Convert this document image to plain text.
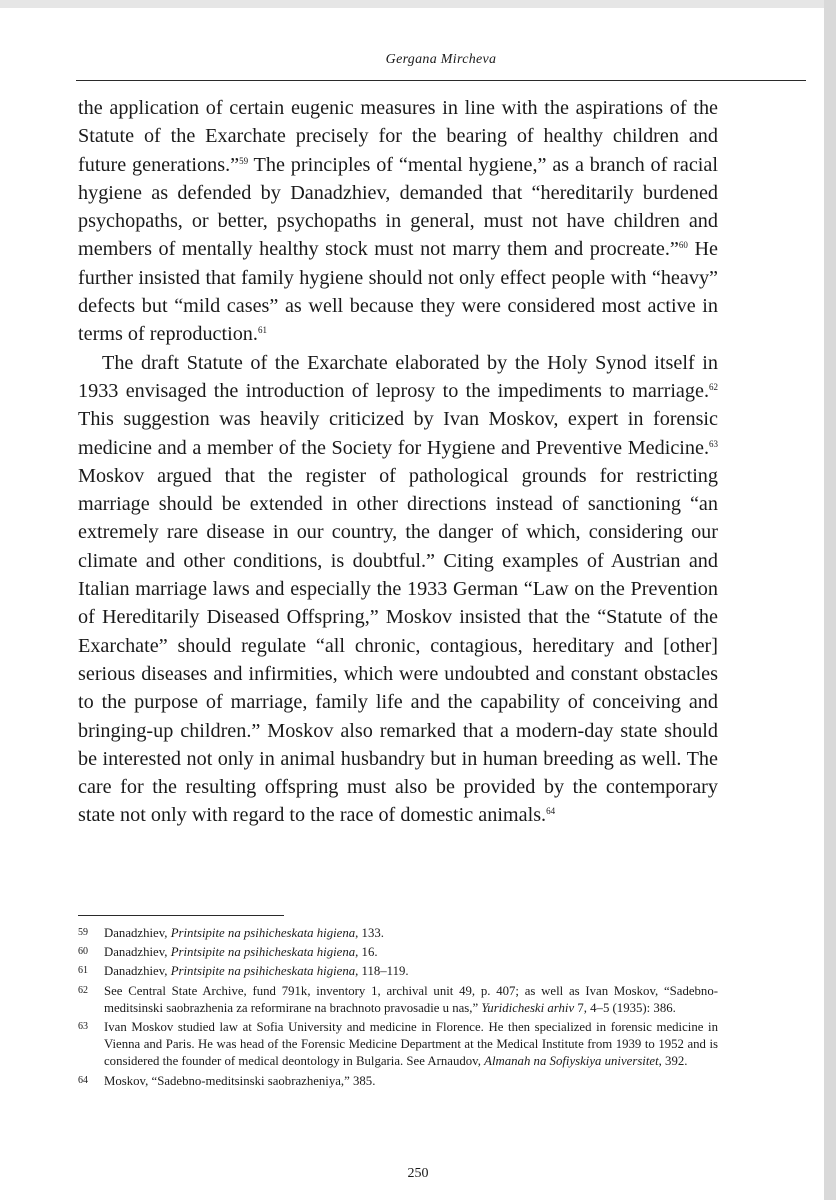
Gergana Mircheva

the application of certain eugenic measures in line with the aspirations of the Statute of the Exarchate precisely for the bearing of healthy children and future generations.”$^{59}$ The principles of “mental hygiene,” as a branch of racial hygiene as defended by Danadzhiev, demanded that “hereditarily burdened psychopaths, or better, psychopaths in general, must not have children and members of mentally healthy stock must not marry them and procreate.”$^{60}$ He further insisted that family hygiene should not only effect people with “heavy” defects but “mild cases” as well because they were considered most active in terms of reproduction.$^{61}$

The draft Statute of the Exarchate elaborated by the Holy Synod itself in 1933 envisaged the introduction of leprosy to the impediments to marriage.$^{62}$ This suggestion was heavily criticized by Ivan Moskov, expert in forensic medicine and a member of the Society for Hygiene and Preventive Medicine.$^{63}$ Moskov argued that the register of pathological grounds for restricting marriage should be extended in other directions instead of sanctioning “an extremely rare disease in our country, the danger of which, considering our climate and other conditions, is doubtful.” Citing examples of Austrian and Italian marriage laws and especially the 1933 German “Law on the Prevention of Hereditarily Diseased Offspring,” Moskov insisted that the “Statute of the Exarchate” should regulate “all chronic, contagious, hereditary and [other] serious diseases and infirmities, which were undoubted and constant obstacles to the purpose of marriage, family life and the capability of conceiving and bringing-up children.” Moskov also remarked that a modern-day state should be interested not only in animal husbandry but in human breeding as well. The care for the resulting offspring must also be provided by the contemporary state not only with regard to the race of domestic animals.$^{64}$

59	Danadzhiev, Printsipite na psihicheskata higiena, 133.
60	Danadzhiev, Printsipite na psihicheskata higiena, 16.
61	Danadzhiev, Printsipite na psihicheskata higiena, 118–119.
62	See Central State Archive, fund 791k, inventory 1, archival unit 49, p. 407; as well as Ivan Moskov, “Sadebno-meditsinski saobrazhenia za reformirane na brachnoto pravosadie u nas,” Yuridicheski arhiv 7, 4–5 (1935): 386.
63	Ivan Moskov studied law at Sofia University and medicine in Florence. He then specialized in forensic medicine in Vienna and Paris. He was head of the Forensic Medicine Department at the Medical Institute from 1939 to 1952 and is considered the founder of medical deontology in Bulgaria. See Arnaudov, Almanah na Sofiyskiya universitet, 392.
64	Moskov, “Sadebno-meditsinski saobrazheniya,” 385.
250
